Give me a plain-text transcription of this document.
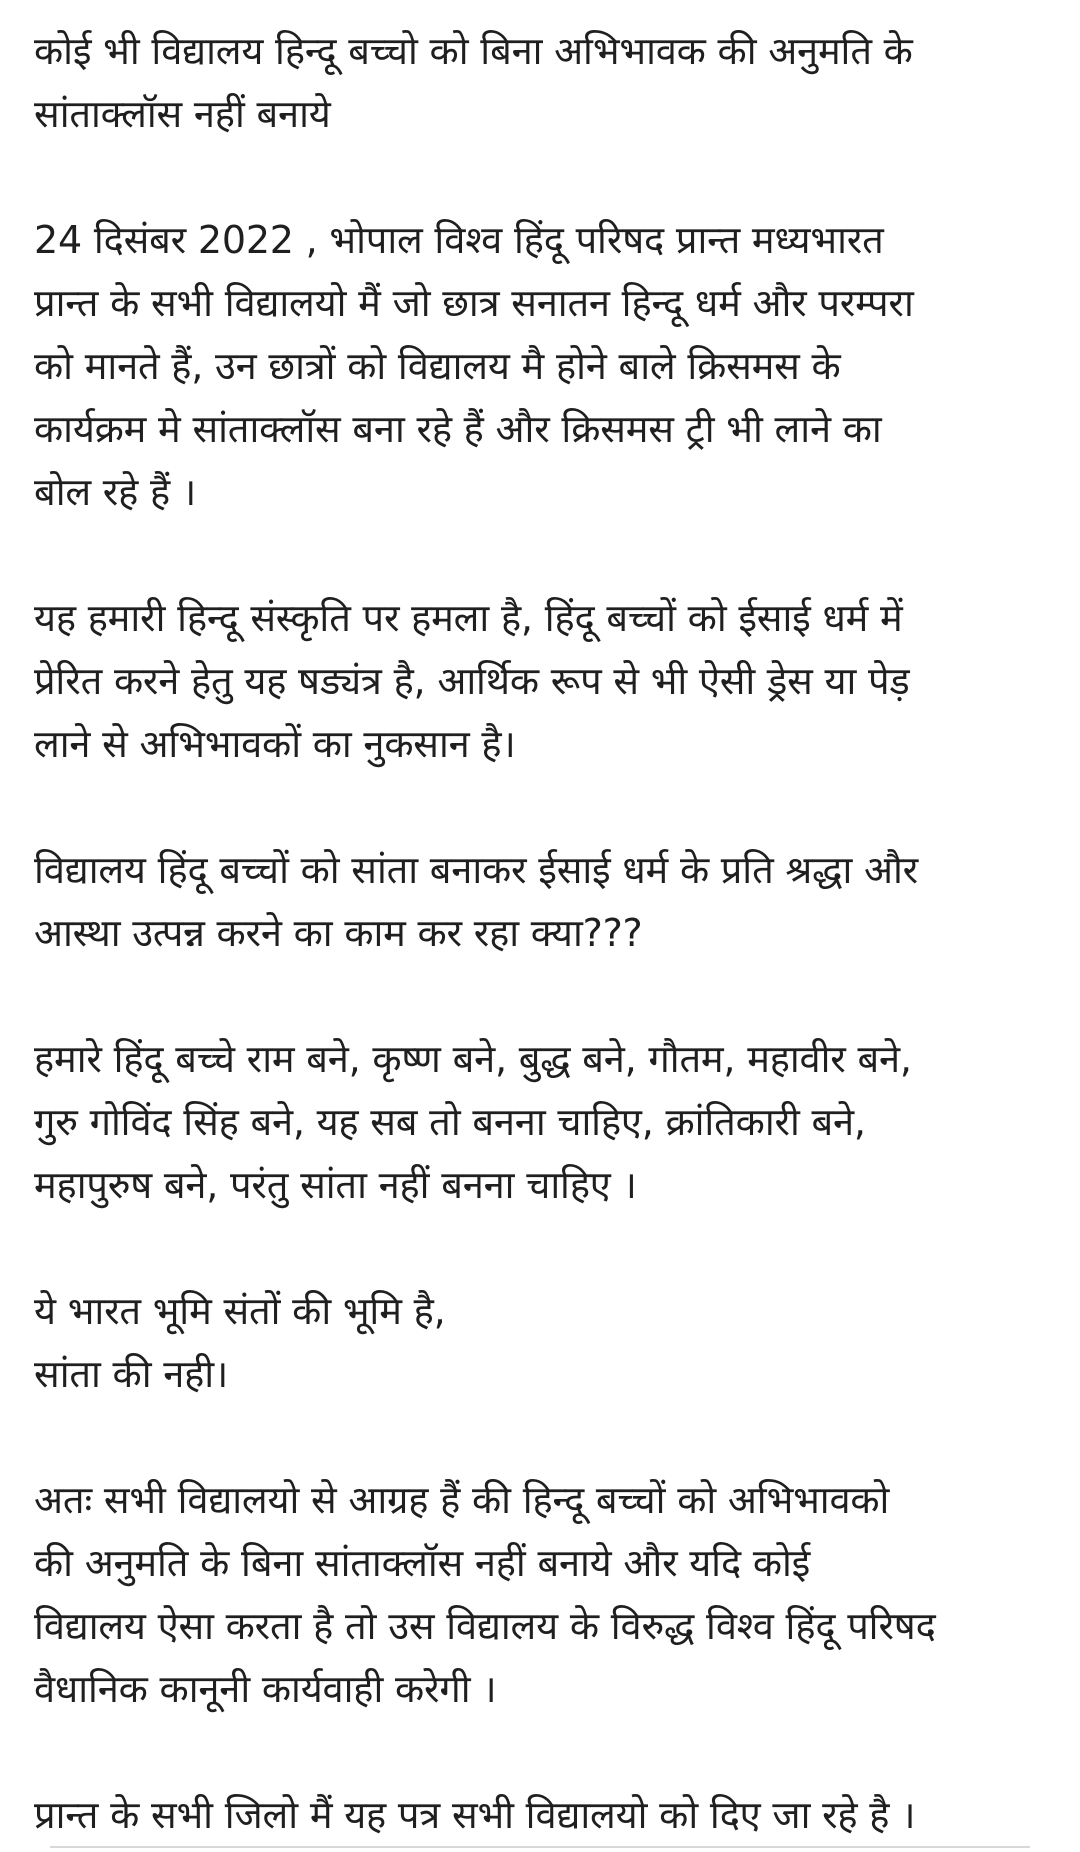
कोई भी विद्यालय हिन्दू बच्चो को बिना अभिभावक की अनुमति के
सांताक्लॉस नहीं बनाये
24 दिसंबर 2022 , भोपाल विश्व हिंदू परिषद प्रान्त मध्यभारत
प्रान्त के सभी विद्यालयो मैं जो छात्र सनातन हिन्दू धर्म और परम्परा
को मानते हैं, उन छात्रों को विद्यालय मै होने बाले क्रिसमस के
कार्यक्रम मे सांताक्लॉस बना रहे हैं और क्रिसमस ट्री भी लाने का
बोल रहे हैं ।
यह हमारी हिन्दू संस्कृति पर हमला है, हिंदू बच्चों को ईसाई धर्म में
प्रेरित करने हेतु यह षड्यंत्र है, आर्थिक रूप से भी ऐसी ड्रेस या पेड़
लाने से अभिभावकों का नुकसान है।
विद्यालय हिंदू बच्चों को सांता बनाकर ईसाई धर्म के प्रति श्रद्धा और
आस्था उत्पन्न करने का काम कर रहा क्या???
हमारे हिंदू बच्चे राम बने, कृष्ण बने, बुद्ध बने, गौतम, महावीर बने,
गुरु गोविंद सिंह बने, यह सब तो बनना चाहिए, क्रांतिकारी बने,
महापुरुष बने, परंतु सांता नहीं बनना चाहिए ।
ये भारत भूमि संतों की भूमि है,
सांता की नही।
अतः सभी विद्यालयो से आग्रह हैं की हिन्दू बच्चों को अभिभावको
की अनुमति के बिना सांताक्लॉस नहीं बनाये और यदि कोई
विद्यालय ऐसा करता है तो उस विद्यालय के विरुद्ध विश्व हिंदू परिषद
वैधानिक कानूनी कार्यवाही करेगी ।
प्रान्त के सभी जिलो मैं यह पत्र सभी विद्यालयो को दिए जा रहे है ।
